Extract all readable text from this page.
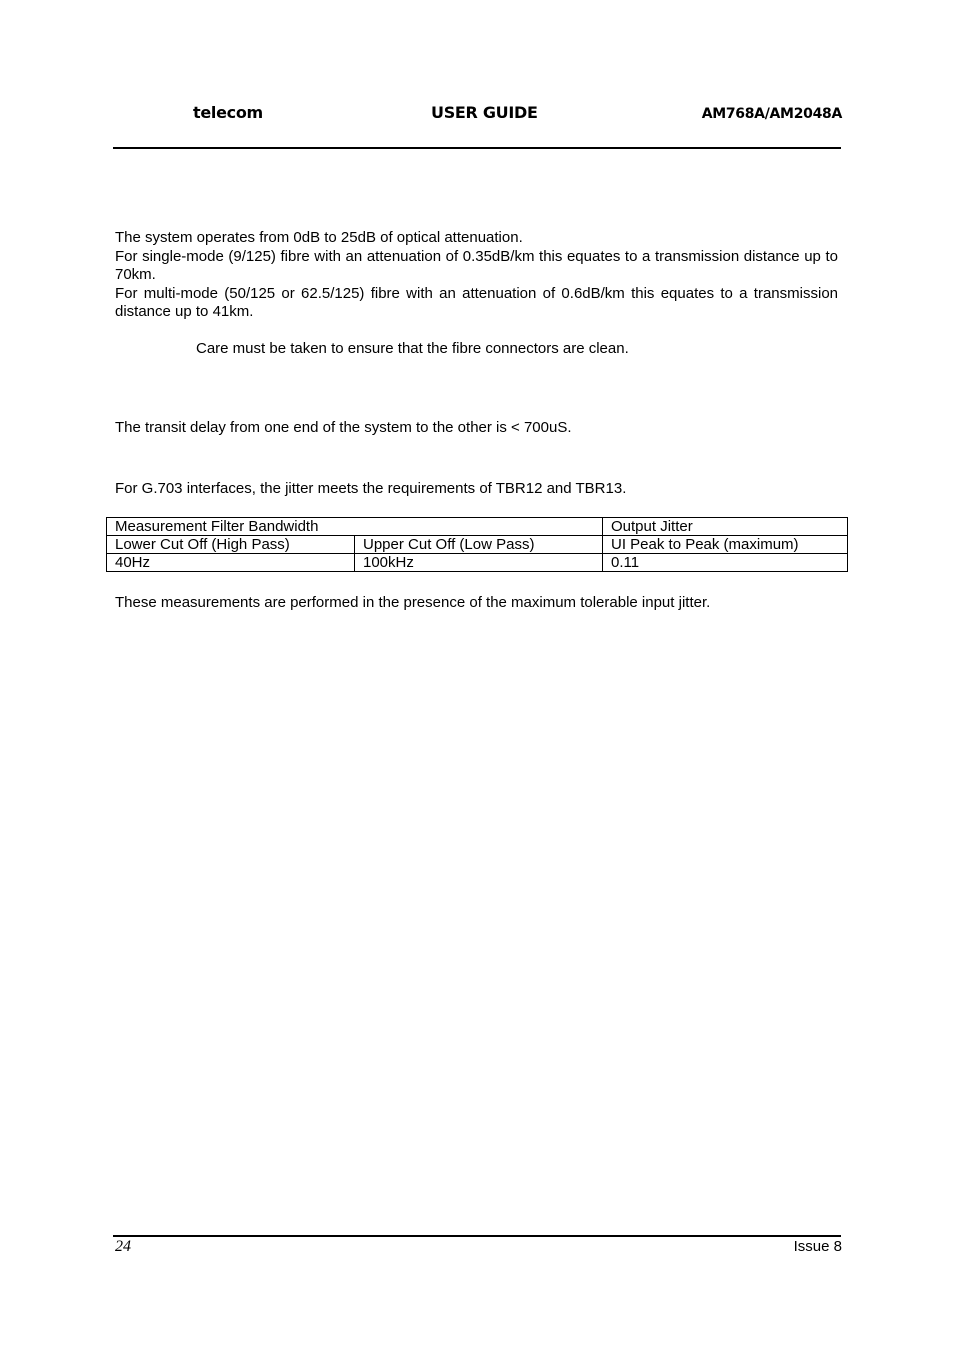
telecom	USER GUIDE	AM768A/AM2048A
The system operates from 0dB to 25dB of optical attenuation.
For single-mode (9/125) fibre with an attenuation of 0.35dB/km this equates to a transmission distance up to 70km.
For multi-mode (50/125 or 62.5/125) fibre with an attenuation of 0.6dB/km this equates to a transmission distance up to 41km.
Care must be taken to ensure that the fibre connectors are clean.
The transit delay from one end of the system to the other is < 700uS.
For G.703 interfaces, the jitter meets the requirements of TBR12 and TBR13.
Measurement Filter Bandwidth		Output Jitter
Lower Cut Off (High Pass)	Upper Cut Off (Low Pass)	UI Peak to Peak (maximum)
40Hz	100kHz	0.11
These measurements are performed in the presence of the maximum tolerable input jitter.
24	Issue 8
